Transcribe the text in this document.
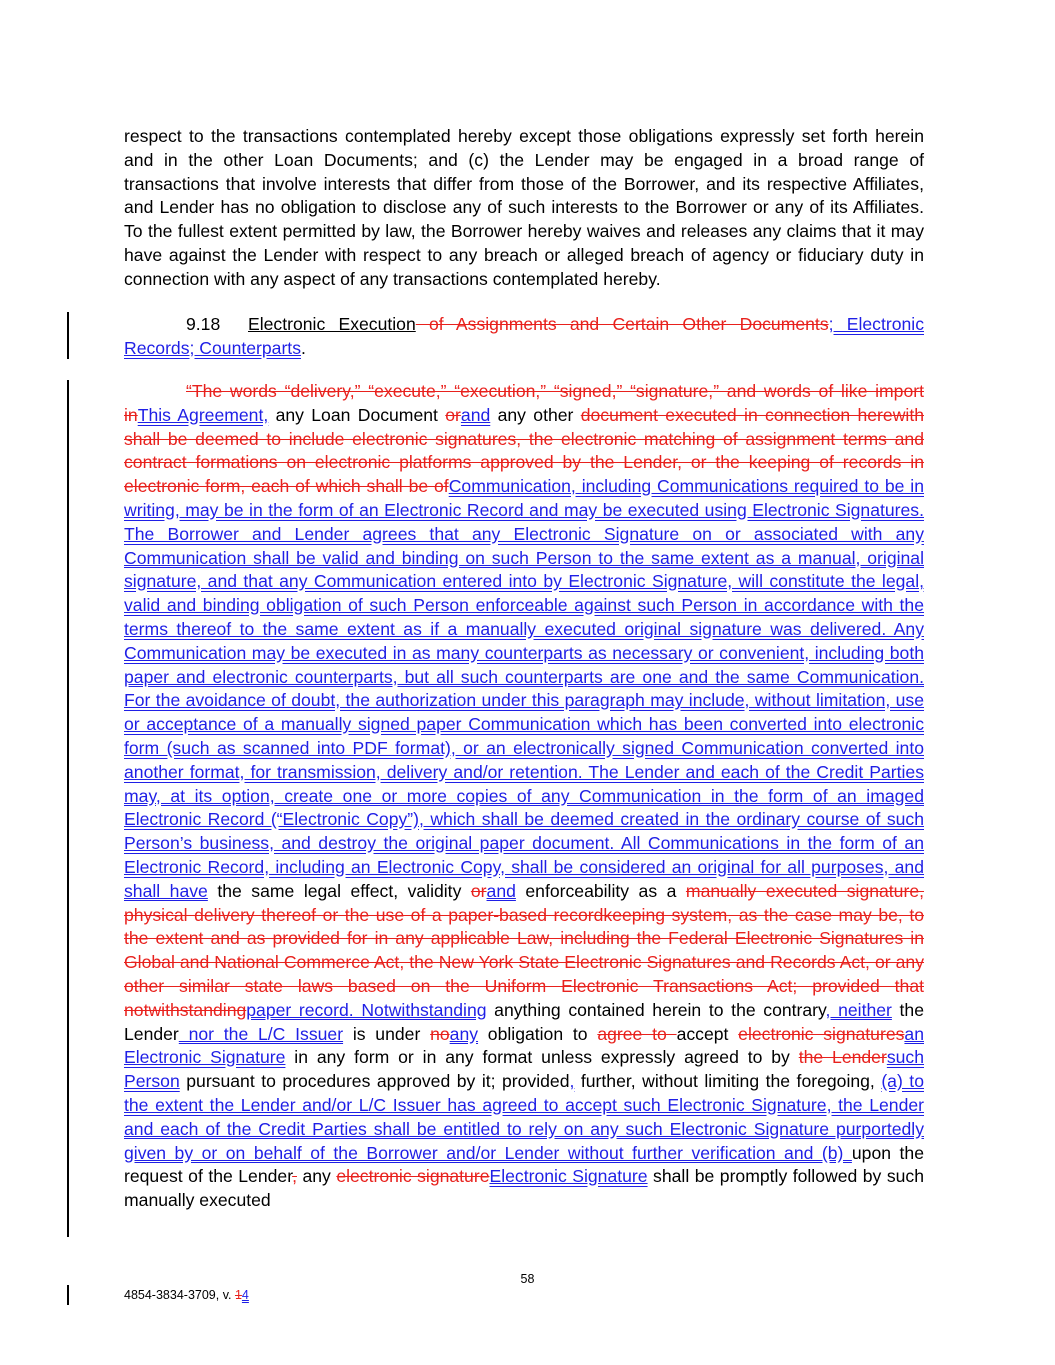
respect to the transactions contemplated hereby except those obligations expressly set forth herein and in the other Loan Documents; and (c) the Lender may be engaged in a broad range of transactions that involve interests that differ from those of the Borrower, and its respective Affiliates, and Lender has no obligation to disclose any of such interests to the Borrower or any of its Affiliates. To the fullest extent permitted by law, the Borrower hereby waives and releases any claims that it may have against the Lender with respect to any breach or alleged breach of agency or fiduciary duty in connection with any aspect of any transactions contemplated hereby.
9.18 Electronic Execution of Assignments and Certain Other Documents; Electronic Records; Counterparts.
“The words “delivery,” “execute,” “execution,” “signed,” “signature,” and words of like import inThis Agreement, any Loan Document orand any other document executed in connection herewith shall be deemed to include electronic signatures, the electronic matching of assignment terms and contract formations on electronic platforms approved by the Lender, or the keeping of records in electronic form, each of which shall be ofCommunication, including Communications required to be in writing, may be in the form of an Electronic Record and may be executed using Electronic Signatures. The Borrower and Lender agrees that any Electronic Signature on or associated with any Communication shall be valid and binding on such Person to the same extent as a manual, original signature, and that any Communication entered into by Electronic Signature, will constitute the legal, valid and binding obligation of such Person enforceable against such Person in accordance with the terms thereof to the same extent as if a manually executed original signature was delivered. Any Communication may be executed in as many counterparts as necessary or convenient, including both paper and electronic counterparts, but all such counterparts are one and the same Communication. For the avoidance of doubt, the authorization under this paragraph may include, without limitation, use or acceptance of a manually signed paper Communication which has been converted into electronic form (such as scanned into PDF format), or an electronically signed Communication converted into another format, for transmission, delivery and/or retention. The Lender and each of the Credit Parties may, at its option, create one or more copies of any Communication in the form of an imaged Electronic Record (“Electronic Copy”), which shall be deemed created in the ordinary course of such Person’s business, and destroy the original paper document. All Communications in the form of an Electronic Record, including an Electronic Copy, shall be considered an original for all purposes, and shall have the same legal effect, validity orand enforceability as a manually executed signature, physical delivery thereof or the use of a paper-based recordkeeping system, as the case may be, to the extent and as provided for in any applicable Law, including the Federal Electronic Signatures in Global and National Commerce Act, the New York State Electronic Signatures and Records Act, or any other similar state laws based on the Uniform Electronic Transactions Act; provided that notwithstandingpaper record. Notwithstanding anything contained herein to the contrary, neither the Lender nor the L/C Issuer is under noany obligation to agree to accept electronic signaturesan Electronic Signature in any form or in any format unless expressly agreed to by the Lendersuch Person pursuant to procedures approved by it; provided, further, without limiting the foregoing, (a) to the extent the Lender and/or L/C Issuer has agreed to accept such Electronic Signature, the Lender and each of the Credit Parties shall be entitled to rely on any such Electronic Signature purportedly given by or on behalf of the Borrower and/or Lender without further verification and (b) upon the request of the Lender, any electronic signatureElectronic Signature shall be promptly followed by such manually executed
58
4854-3834-3709, v. 14
